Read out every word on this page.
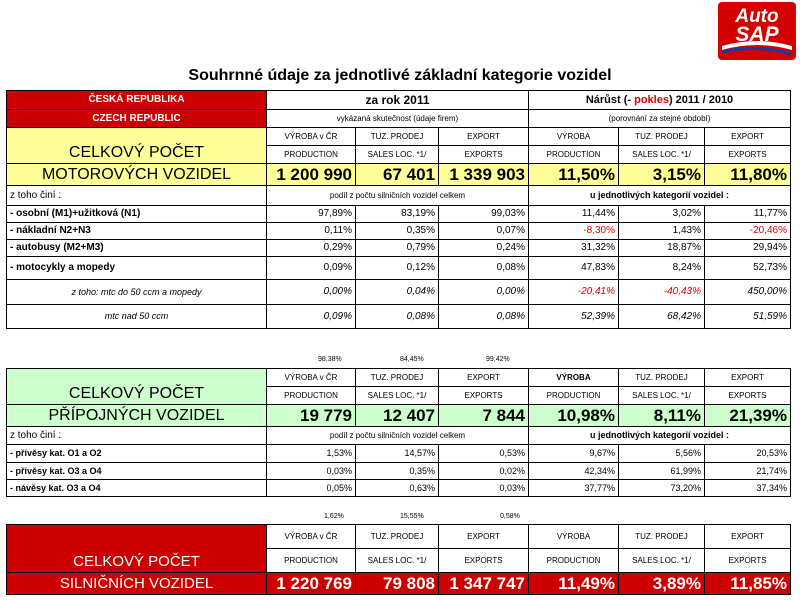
Auto
SAP
Souhrnné údaje za jednotlivé základní kategorie vozidel
ČESKÁ REPUBLIKA	za rok 2011			Nárůst (- pokles) 2011 / 2010		
CZECH REPUBLIC	vykázaná skutečnost (údaje firem)			(porovnání za stejné období)		
CELKOVÝ POČET	VÝROBA v ČR	TUZ. PRODEJ	EXPORT	VÝROBA	TUZ. PRODEJ	EXPORT
	PRODUCTION	SALES LOC. *1/	EXPORTS	PRODUCTION	SALES LOC. *1/	EXPORTS
MOTOROVÝCH VOZIDEL	1 200 990	67 401	1 339 903	11,50%	3,15%	11,80%
z toho činí :	podíl z počtu silničních vozidel celkem			u jednotlivých kategorií vozidel :		
- osobní (M1)+užitková (N1)	97,89%	83,19%	99,03%	11,44%	3,02%	11,77%
- nákladní N2+N3	0,11%	0,35%	0,07%	-8,30%	1,43%	-20,46%
- autobusy (M2+M3)	0,29%	0,79%	0,24%	31,32%	18,87%	29,94%
- motocykly a mopedy	0,09%	0,12%	0,08%	47,83%	8,24%	52,73%
z toho: mtc do 50 ccm a mopedy	0,00%	0,04%	0,00%	-20,41%	-40,43%	450,00%
mtc nad 50 ccm	0,09%	0,08%	0,08%	52,39%	68,42%	51,59%
98,38%	84,45%	99,42%
CELKOVÝ POČET	VÝROBA v ČR	TUZ. PRODEJ	EXPORT	VÝROBA	TUZ. PRODEJ	EXPORT
	PRODUCTION	SALES LOC. *1/	EXPORTS	PRODUCTION	SALES LOC. *1/	EXPORTS
PŘÍPOJNÝCH VOZIDEL	19 779	12 407	7 844	10,98%	8,11%	21,39%
z toho činí :	podíl z počtu silničních vozidel celkem			u jednotlivých kategorií vozidel :		
- přívěsy kat. O1 a O2	1,53%	14,57%	0,53%	9,67%	5,56%	20,53%
- přívěsy kat. O3 a O4	0,03%	0,35%	0,02%	42,34%	61,99%	21,74%
- návěsy kat. O3 a O4	0,05%	0,63%	0,03%	37,77%	73,20%	37,34%
1,62%	15,55%	0,58%
CELKOVÝ POČET	VÝROBA v ČR	TUZ. PRODEJ	EXPORT	VÝROBA	TUZ. PRODEJ	EXPORT
	PRODUCTION	SALES LOC. *1/	EXPORTS	PRODUCTION	SALES LOC. *1/	EXPORTS
SILNIČNÍCH VOZIDEL	1 220 769	79 808	1 347 747	11,49%	3,89%	11,85%
